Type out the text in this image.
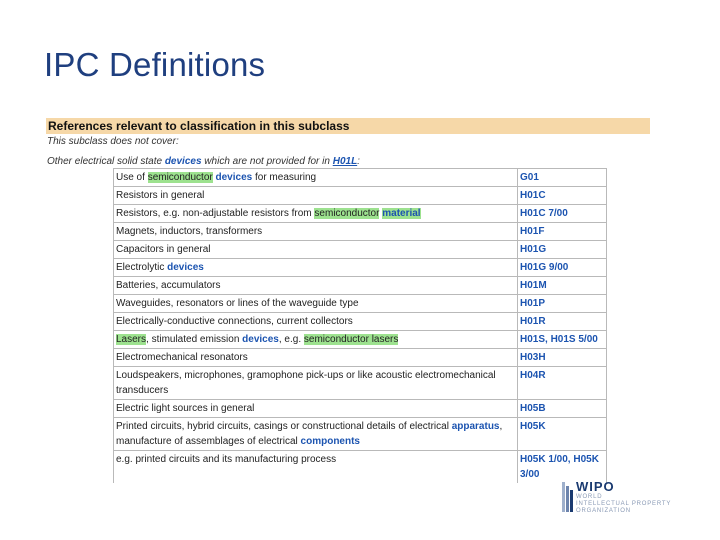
IPC Definitions
References relevant to classification in this subclass
This subclass does not cover:
Other electrical solid state devices which are not provided for in H01L:
Use of semiconductor devices for measuring	G01
Resistors in general	H01C
Resistors, e.g. non-adjustable resistors from semiconductor material	H01C 7/00
Magnets, inductors, transformers	H01F
Capacitors in general	H01G
Electrolytic devices	H01G 9/00
Batteries, accumulators	H01M
Waveguides, resonators or lines of the waveguide type	H01P
Electrically-conductive connections, current collectors	H01R
Lasers, stimulated emission devices, e.g. semiconductor lasers	H01S, H01S 5/00
Electromechanical resonators	H03H
Loudspeakers, microphones, gramophone pick-ups or like acoustic electromechanical transducers	H04R
Electric light sources in general	H05B
Printed circuits, hybrid circuits, casings or constructional details of electrical apparatus, manufacture of assemblages of electrical components	H05K
e.g. printed circuits and its manufacturing process	H05K 1/00, H05K 3/00
WIPO
WORLD
INTELLECTUAL PROPERTY
ORGANIZATION
